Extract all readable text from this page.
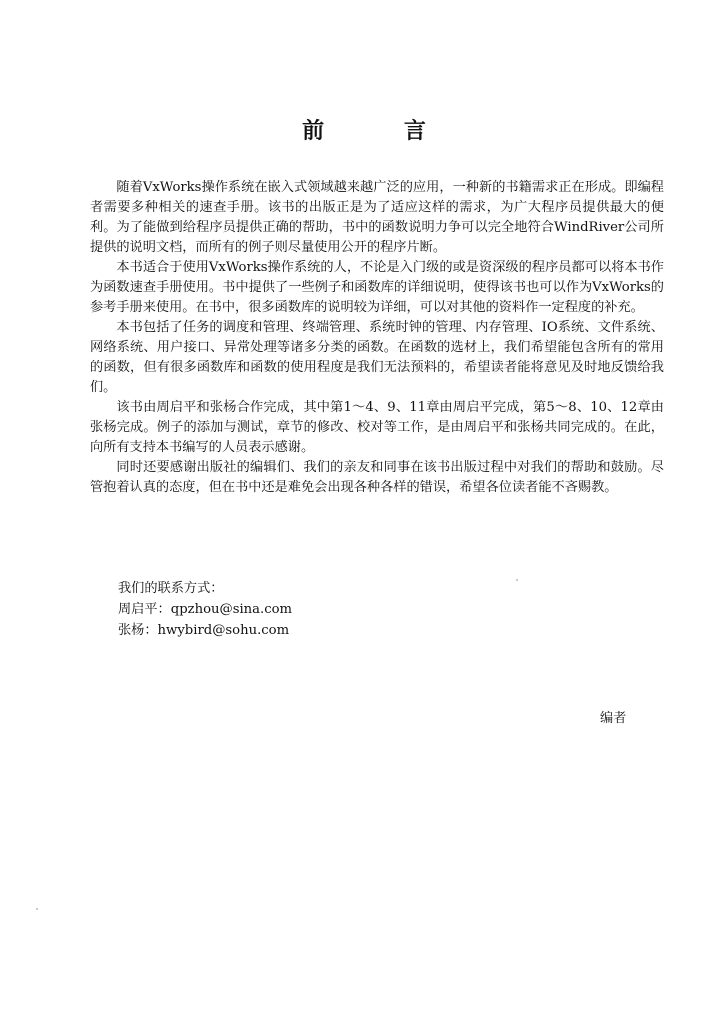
前 言

随着VxWorks操作系统在嵌入式领域越来越广泛的应用，一种新的书籍需求正在形成。即编程者需要多种相关的速查手册。该书的出版正是为了适应这样的需求，为广大程序员提供最大的便利。为了能做到给程序员提供正确的帮助，书中的函数说明力争可以完全地符合WindRiver公司所提供的说明文档，而所有的例子则尽量使用公开的程序片断。

本书适合于使用VxWorks操作系统的人，不论是入门级的或是资深级的程序员都可以将本书作为函数速查手册使用。书中提供了一些例子和函数库的详细说明，使得该书也可以作为VxWorks的参考手册来使用。在书中，很多函数库的说明较为详细，可以对其他的资料作一定程度的补充。

本书包括了任务的调度和管理、终端管理、系统时钟的管理、内存管理、IO系统、文件系统、网络系统、用户接口、异常处理等诸多分类的函数。在函数的选材上，我们希望能包含所有的常用的函数，但有很多函数库和函数的使用程度是我们无法预料的，希望读者能将意见及时地反馈给我们。

该书由周启平和张杨合作完成，其中第1～4、9、11章由周启平完成，第5～8、10、12章由张杨完成。例子的添加与测试，章节的修改、校对等工作，是由周启平和张杨共同完成的。在此，向所有支持本书编写的人员表示感谢。

同时还要感谢出版社的编辑们、我们的亲友和同事在该书出版过程中对我们的帮助和鼓励。尽管抱着认真的态度，但在书中还是难免会出现各种各样的错误，希望各位读者能不吝赐教。

我们的联系方式：
周启平：qpzhou@sina.com
张杨：hwybird@sohu.com
编者
